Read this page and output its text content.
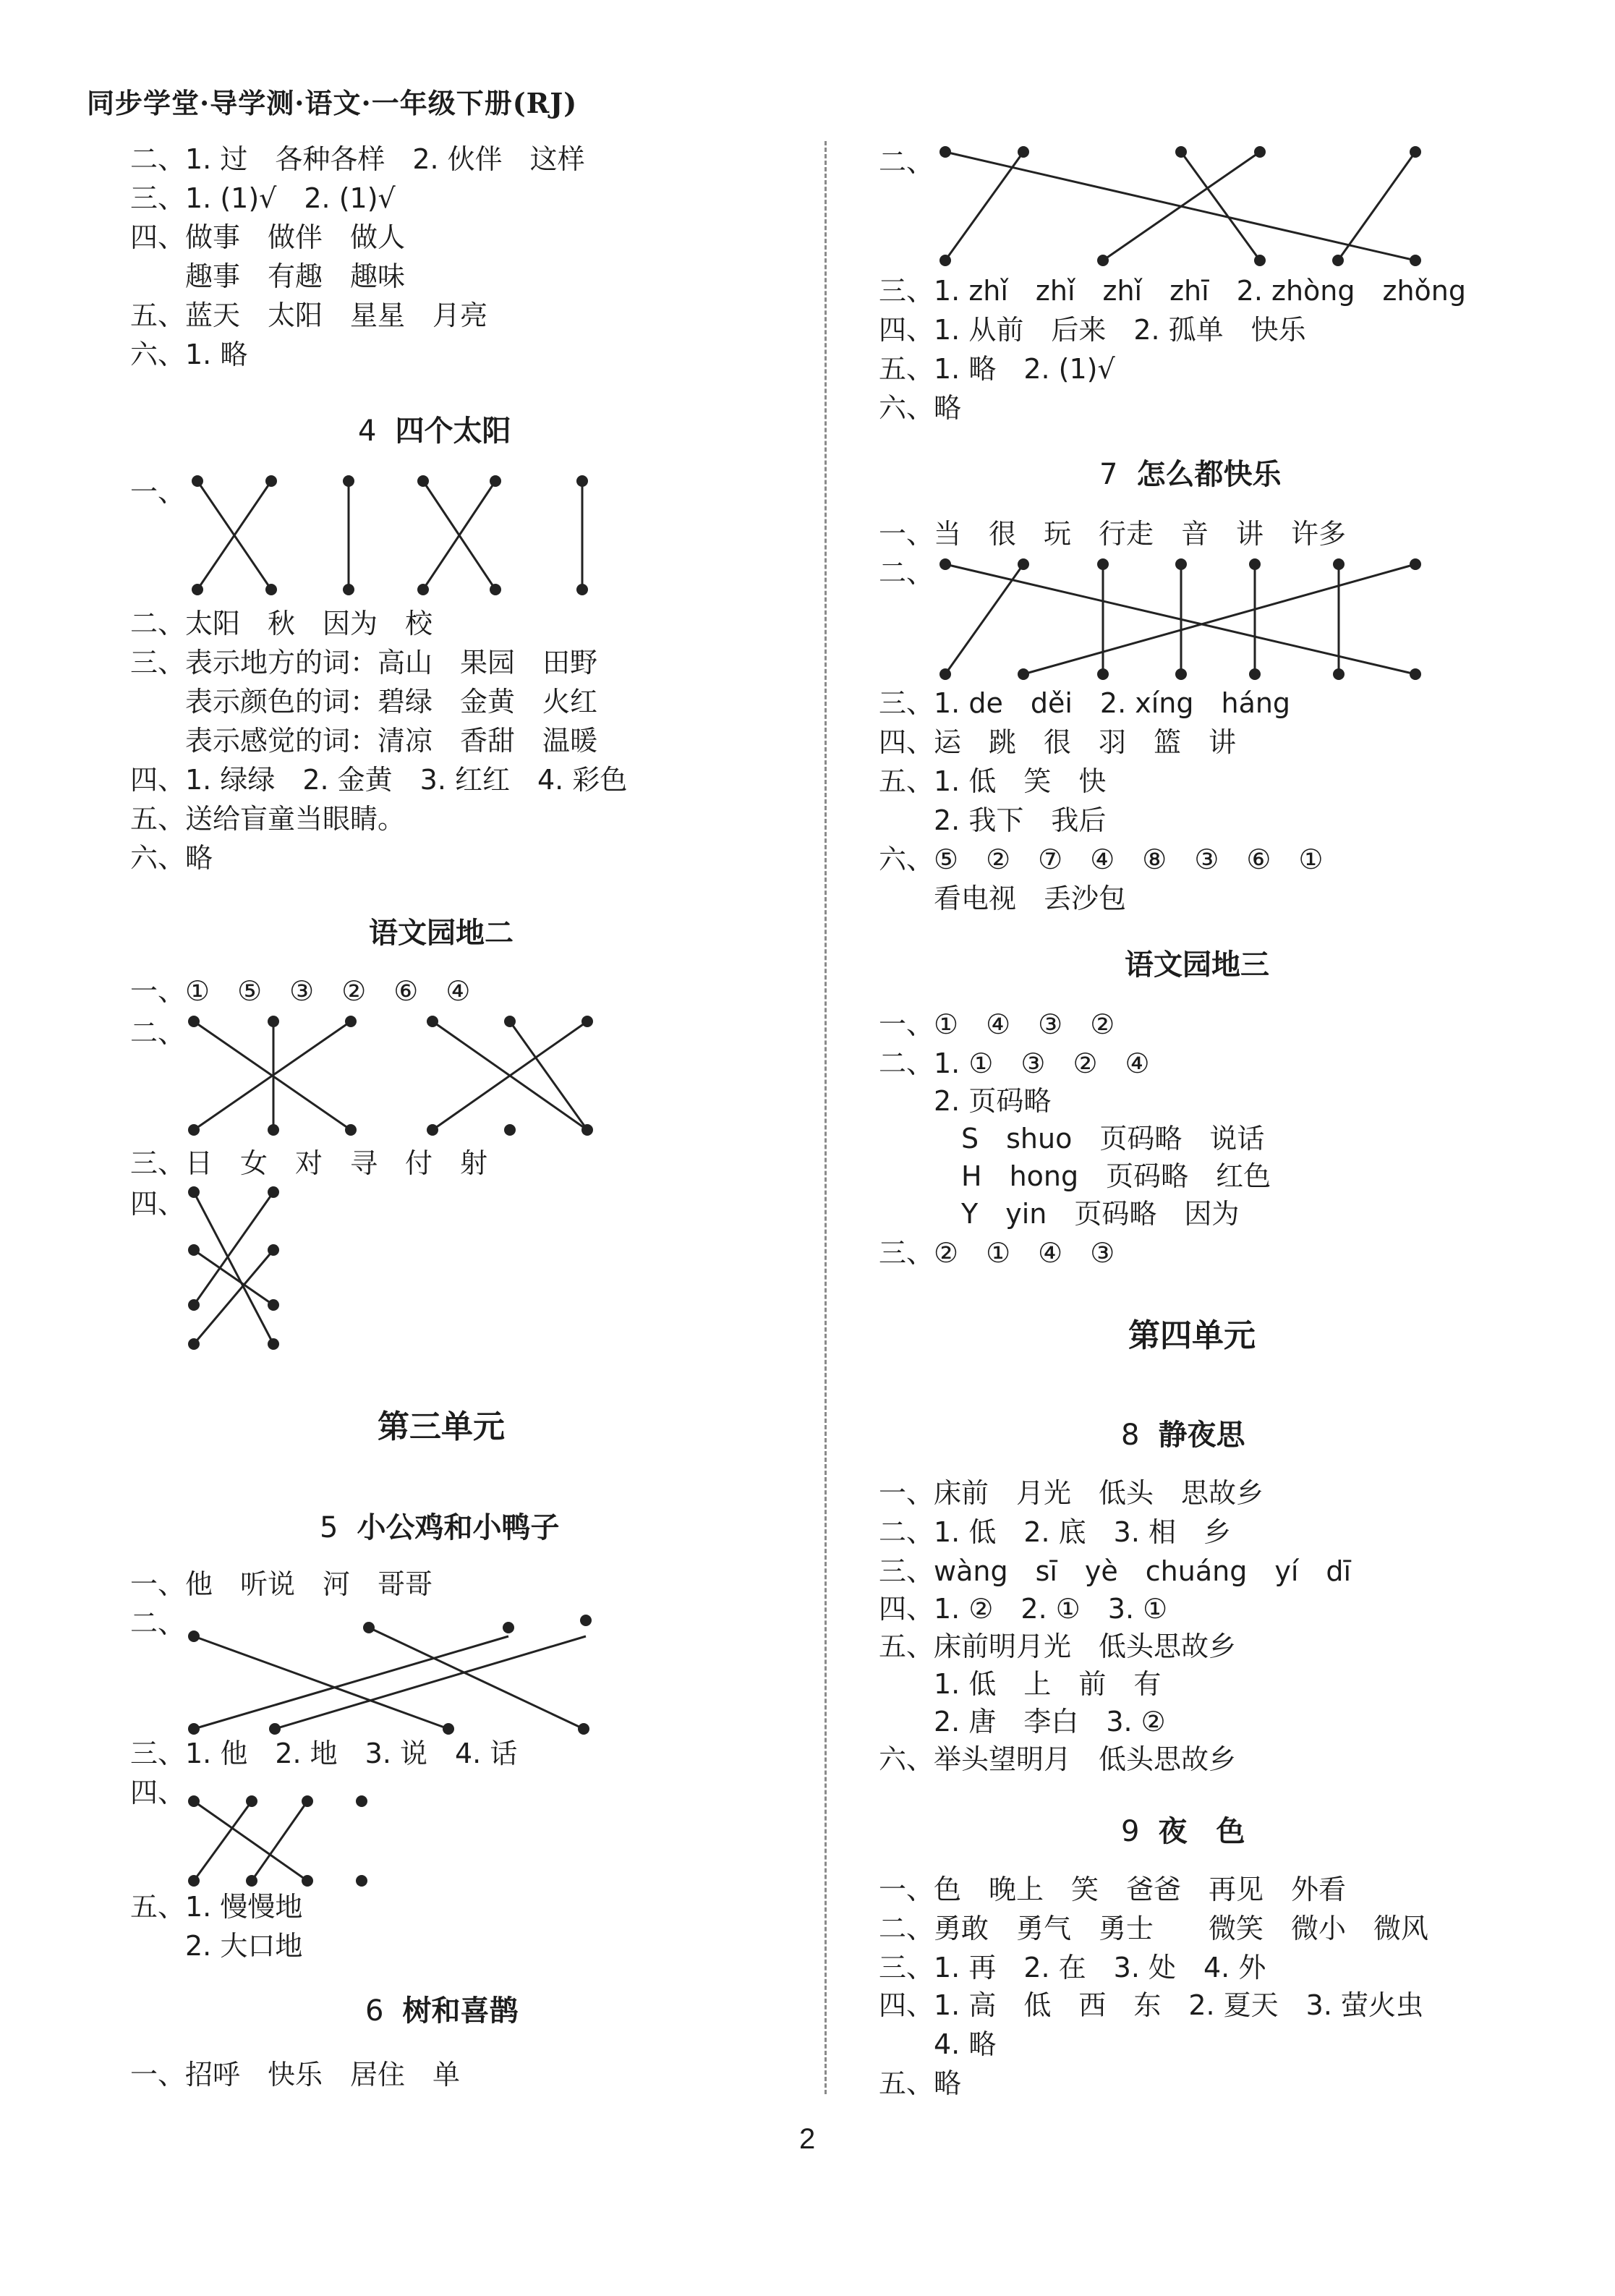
同步学堂·导学测·语文·一年级下册(RJ)
二、1. 过　各种各样　2. 伙伴　这样
三、1. (1)√　2. (1)√
四、做事　做伴　做人
　　趣事　有趣　趣味
五、蓝天　太阳　星星　月亮
六、1. 略
4 四个太阳
一、
二、太阳　秋　因为　校
三、表示地方的词：高山　果园　田野
　　表示颜色的词：碧绿　金黄　火红
　　表示感觉的词：清凉　香甜　温暖
四、1. 绿绿　2. 金黄　3. 红红　4. 彩色
五、送给盲童当眼睛。
六、略
语文园地二
一、①　⑤　③　②　⑥　④
二、
三、日　女　对　寻　付　射
四、
第三单元
5 小公鸡和小鸭子
一、他　听说　河　哥哥
二、
三、1. 他　2. 地　3. 说　4. 话
四、
五、1. 慢慢地
　　2. 大口地
6 树和喜鹊
一、招呼　快乐　居住　单
二、
三、1. zhǐ　zhǐ　zhǐ　zhī　2. zhòng　zhǒng
四、1. 从前　后来　2. 孤单　快乐
五、1. 略　2. (1)√
六、略
7 怎么都快乐
一、当　很　玩　行走　音　讲　许多
二、
三、1. de　děi　2. xíng　háng
四、运　跳　很　羽　篮　讲
五、1. 低　笑　快
　　2. 我下　我后
六、⑤　②　⑦　④　⑧　③　⑥　①
　　看电视　丢沙包
语文园地三
一、①　④　③　②
二、1. ①　③　②　④
　　2. 页码略
　　　S　shuo　页码略　说话
　　　H　hong　页码略　红色
　　　Y　yin　页码略　因为
三、②　①　④　③
第四单元
8 静夜思
一、床前　月光　低头　思故乡
二、1. 低　2. 底　3. 相　乡
三、wàng　sī　yè　chuáng　yí　dī
四、1. ②　2. ①　3. ①
五、床前明月光　低头思故乡
　　1. 低　上　前　有
　　2. 唐　李白　3. ②
六、举头望明月　低头思故乡
9 夜　色
一、色　晚上　笑　爸爸　再见　外看
二、勇敢　勇气　勇士　　微笑　微小　微风
三、1. 再　2. 在　3. 处　4. 外
四、1. 高　低　西　东　2. 夏天　3. 萤火虫
　　4. 略
五、略
2
